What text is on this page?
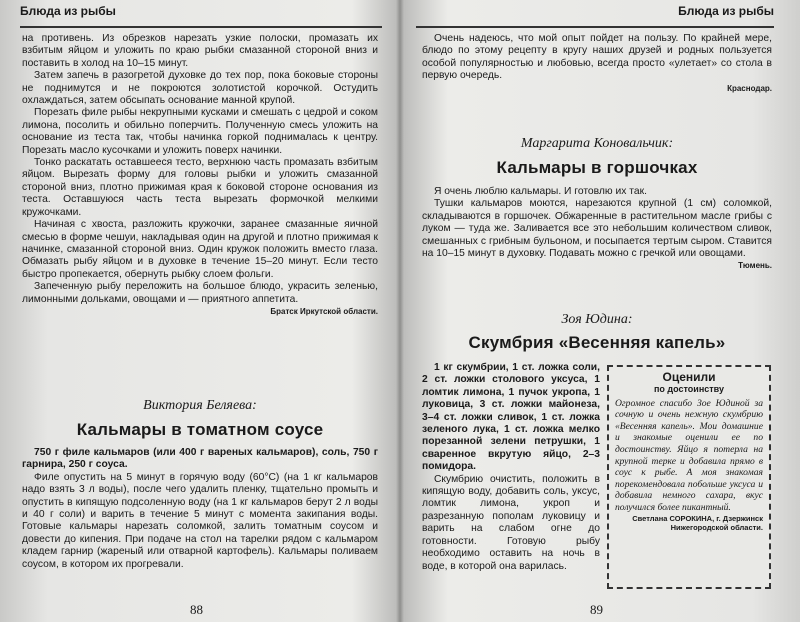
Блюда из рыбы

на противень. Из обрезков нарезать узкие полоски, промазать их взбитым яйцом и уложить по краю рыбки смазанной стороной вниз и поставить в холод на 10–15 минут.

Затем запечь в разогретой духовке до тех пор, пока боковые стороны не поднимутся и не покроются золотистой корочкой. Остудить охлаждаться, затем обсыпать основание манной крупой.

Порезать филе рыбы некрупными кусками и смешать с цедрой и соком лимона, посолить и обильно поперчить. Полученную смесь уложить на основание из теста так, чтобы начинка горкой поднималась к центру. Порезать масло кусочками и уложить поверх начинки.

Тонко раскатать оставшееся тесто, верхнюю часть промазать взбитым яйцом. Вырезать форму для головы рыбки и уложить смазанной стороной вниз, плотно прижимая края к боковой стороне основания из теста. Оставшуюся часть теста вырезать формочкой мелкими кружочками.

Начиная с хвоста, разложить кружочки, заранее смазанные яичной смесью в форме чешуи, накладывая один на другой и плотно прижимая к начинке, смазанной стороной вниз. Один кружок положить вместо глаза. Обмазать рыбу яйцом и в духовке в течение 15–20 минут. Если тесто быстро пропекается, обернуть рыбку слоем фольги.

Запеченную рыбу переложить на большое блюдо, украсить зеленью, лимонными дольками, овощами и — приятного аппетита.

Братск Иркутской области.
Виктория Беляева:
Кальмары в томатном соусе

750 г филе кальмаров (или 400 г вареных кальмаров), соль, 750 г гарнира, 250 г соуса.

Филе опустить на 5 минут в горячую воду (60°С) (на 1 кг кальмаров надо взять 3 л воды), после чего удалить пленку, тщательно промыть и опустить в кипящую подсоленную воду (на 1 кг кальмаров берут 2 л воды и 40 г соли) и варить в течение 5 минут с момента закипания воды. Готовые кальмары нарезать соломкой, залить томатным соусом и довести до кипения. При подаче на стол на тарелки рядом с кальмаром кладем гарнир (жареный или отварной картофель). Кальмары поливаем соусом, в котором их прогревали.

88
Блюда из рыбы

Очень надеюсь, что мой опыт пойдет на пользу. По крайней мере, блюдо по этому рецепту в кругу наших друзей и родных пользуется особой популярностью и любовью, всегда просто «улетает» со стола в первую очередь.

Краснодар.
Маргарита Коновальчик:
Кальмары в горшочках

Я очень люблю кальмары. И готовлю их так.

Тушки кальмаров моются, нарезаются крупной (1 см) соломкой, складываются в горшочек. Обжаренные в растительном масле грибы с луком — туда же. Заливается все это небольшим количеством сливок, смешанных с грибным бульоном, и посыпается тертым сыром. Ставится на 10–15 минут в духовку. Подавать можно с гречкой или овощами.

Тюмень.
Зоя Юдина:
Скумбрия «Весенняя капель»

1 кг скумбрии, 1 ст. ложка соли, 2 ст. ложки столового уксуса, 1 ломтик лимона, 1 пучок укропа, 1 луковица, 3 ст. ложки майонеза, 3–4 ст. ложки сливок, 1 ст. ложка зеленого лука, 1 ст. ложка мелко порезанной зелени петрушки, 1 сваренное вкрутую яйцо, 2–3 помидора.

Скумбрию очистить, положить в кипящую воду, добавить соль, уксус, ломтик лимона, укроп и разрезанную пополам луковицу и варить на слабом огне до готовности. Готовую рыбу необходимо оставить на ночь в воде, в которой она варилась.

Оценили
по достоинству
Огромное спасибо Зое Юдиной за сочную и очень нежную скумбрию «Весенняя капель». Мои домашние и знакомые оценили ее по достоинству. Яйцо я потерла на крупной терке и добавила прямо в соус к рыбе. А моя знакомая порекомендовала побольше уксуса и добавила немного сахара, вкус получился более пикантный.
Светлана СОРОКИНА, г. Дзержинск Нижегородской области.
89
